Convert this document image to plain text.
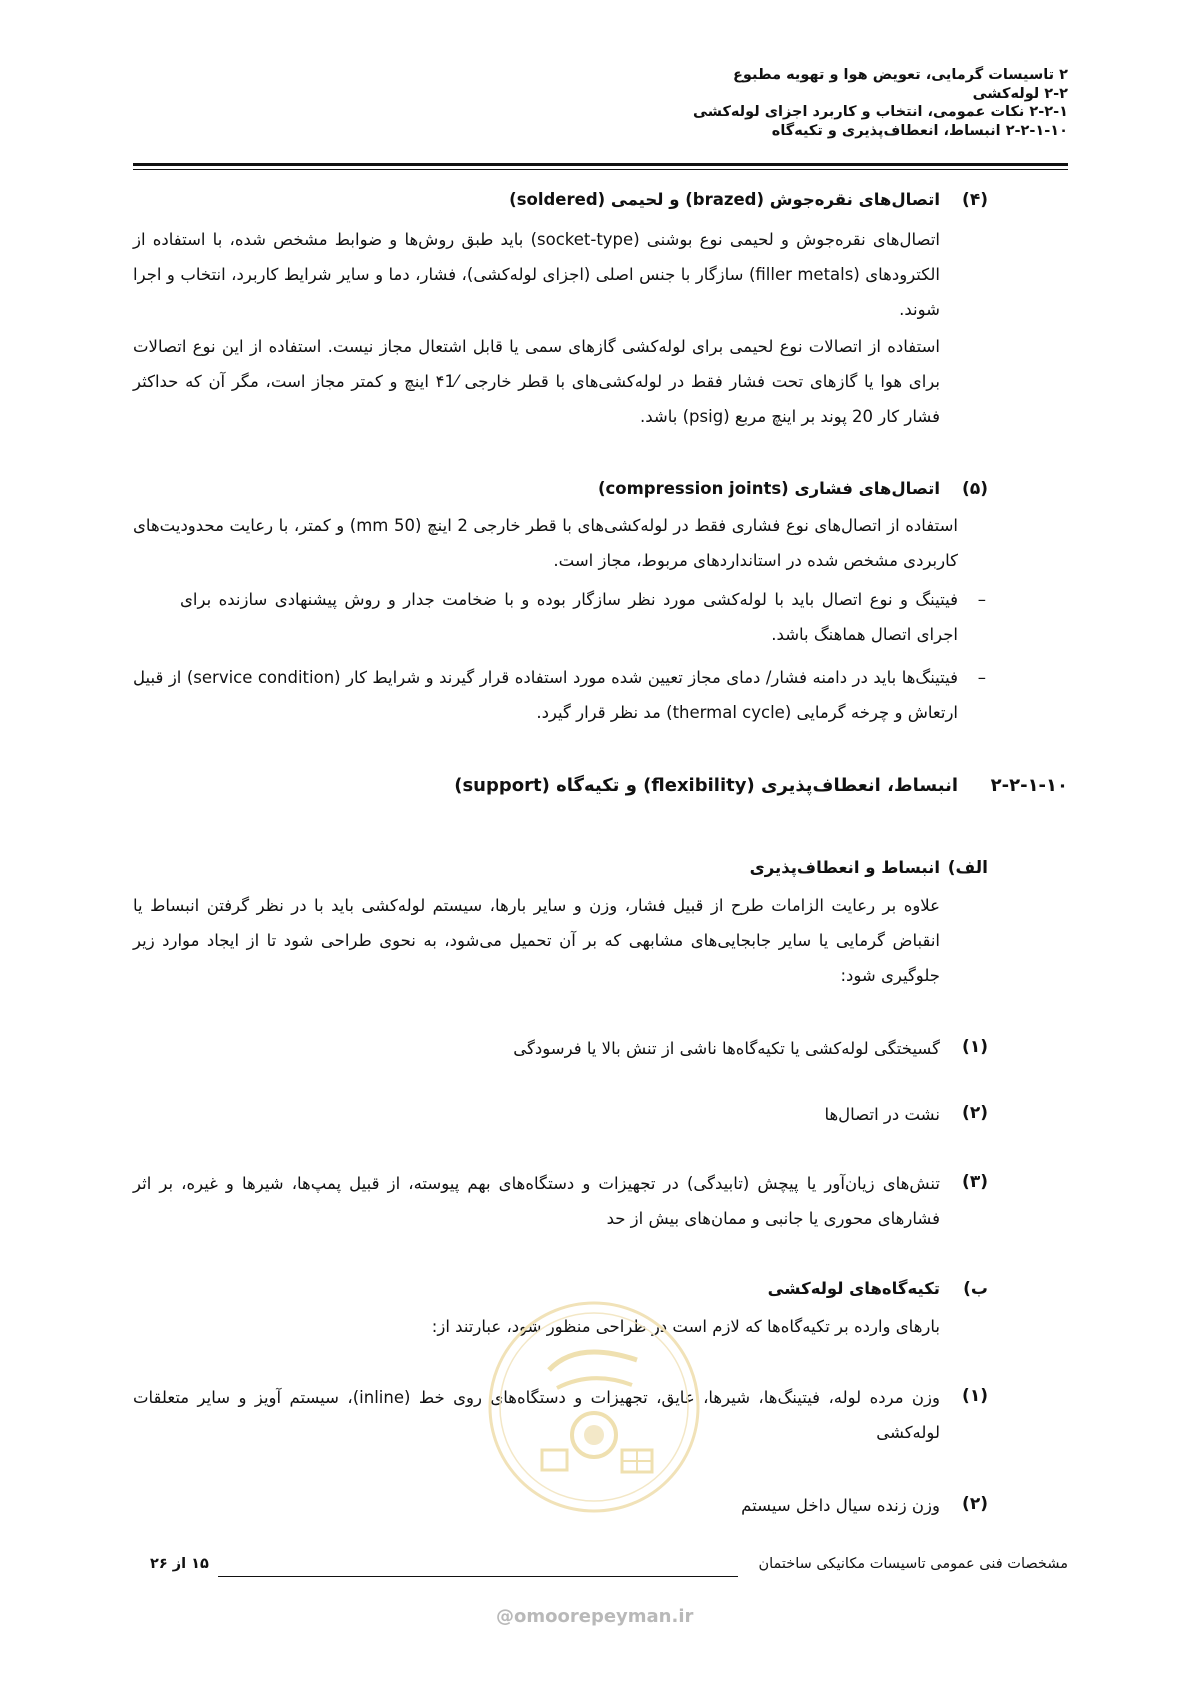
۲ تاسیسات گرمایی، تعویض هوا و تهویه مطبوع
۲-۲ لوله‌کشی
۲-۲-۱ نکات عمومی، انتخاب و کاربرد اجزای لوله‌کشی
۲-۲-۱-۱۰ انبساط، انعطاف‌پذیری و تکیه‌گاه
(۴)
اتصال‌های نقره‌جوش (brazed) و لحیمی (soldered)
اتصال‌های نقره‌جوش و لحیمی نوع بوشنی (socket-type) باید طبق روش‌ها و ضوابط مشخص شده، با استفاده از الکترودهای (filler metals) سازگار با جنس اصلی (اجزای لوله‌کشی)، فشار، دما و سایر شرایط کاربرد، انتخاب و اجرا شوند.
استفاده از اتصالات نوع لحیمی برای لوله‌کشی گازهای سمی یا قابل اشتعال مجاز نیست. استفاده از این نوع اتصالات برای هوا یا گازهای تحت فشار فقط در لوله‌کشی‌های با قطر خارجی ⁄۴1 اینچ و کمتر مجاز است، مگر آن که حداکثر فشار کار 20 پوند بر اینچ مربع (psig) باشد.
(۵)
اتصال‌های فشاری (compression joints)
استفاده از اتصال‌های نوع فشاری فقط در لوله‌کشی‌های با قطر خارجی 2 اینچ (50 mm) و کمتر، با رعایت محدودیت‌های کاربردی مشخص شده در استانداردهای مربوط، مجاز است.
–
فیتینگ و نوع اتصال باید با لوله‌کشی مورد نظر سازگار بوده و با ضخامت جدار و روش پیشنهادی سازنده برای اجرای اتصال هماهنگ باشد.
–
فیتینگ‌ها باید در دامنه فشار/ دمای مجاز تعیین شده مورد استفاده قرار گیرند و شرایط کار (service condition) از قبیل ارتعاش و چرخه گرمایی (thermal cycle) مد نظر قرار گیرد.
۲-۲-۱-۱۰
انبساط، انعطاف‌پذیری (flexibility) و تکیه‌گاه (support)
الف)
انبساط و انعطاف‌پذیری
علاوه بر رعایت الزامات طرح از قبیل فشار، وزن و سایر بارها، سیستم لوله‌کشی باید با در نظر گرفتن انبساط یا انقباض گرمایی یا سایر جابجایی‌های مشابهی که بر آن تحمیل می‌شود، به نحوی طراحی شود تا از ایجاد موارد زیر جلوگیری شود:
(۱)
گسیختگی لوله‌کشی یا تکیه‌گاه‌ها ناشی از تنش بالا یا فرسودگی
(۲)
نشت در اتصال‌ها
(۳)
تنش‌های زیان‌آور یا پیچش (تابیدگی) در تجهیزات و دستگاه‌های بهم پیوسته، از قبیل پمپ‌ها، شیرها و غیره، بر اثر فشارهای محوری یا جانبی و ممان‌های بیش از حد
ب)
تکیه‌گاه‌های لوله‌کشی
بارهای وارده بر تکیه‌گاه‌ها که لازم است در طراحی منظور شود، عبارتند از:
(۱)
وزن مرده لوله، فیتینگ‌ها، شیرها، عایق، تجهیزات و دستگاه‌های روی خط (inline)، سیستم آویز و سایر متعلقات لوله‌کشی
(۲)
وزن زنده سیال داخل سیستم
مشخصات فنی عمومی تاسیسات مکانیکی ساختمان
۱۵ از ۲۶
@omoorepeyman.ir
